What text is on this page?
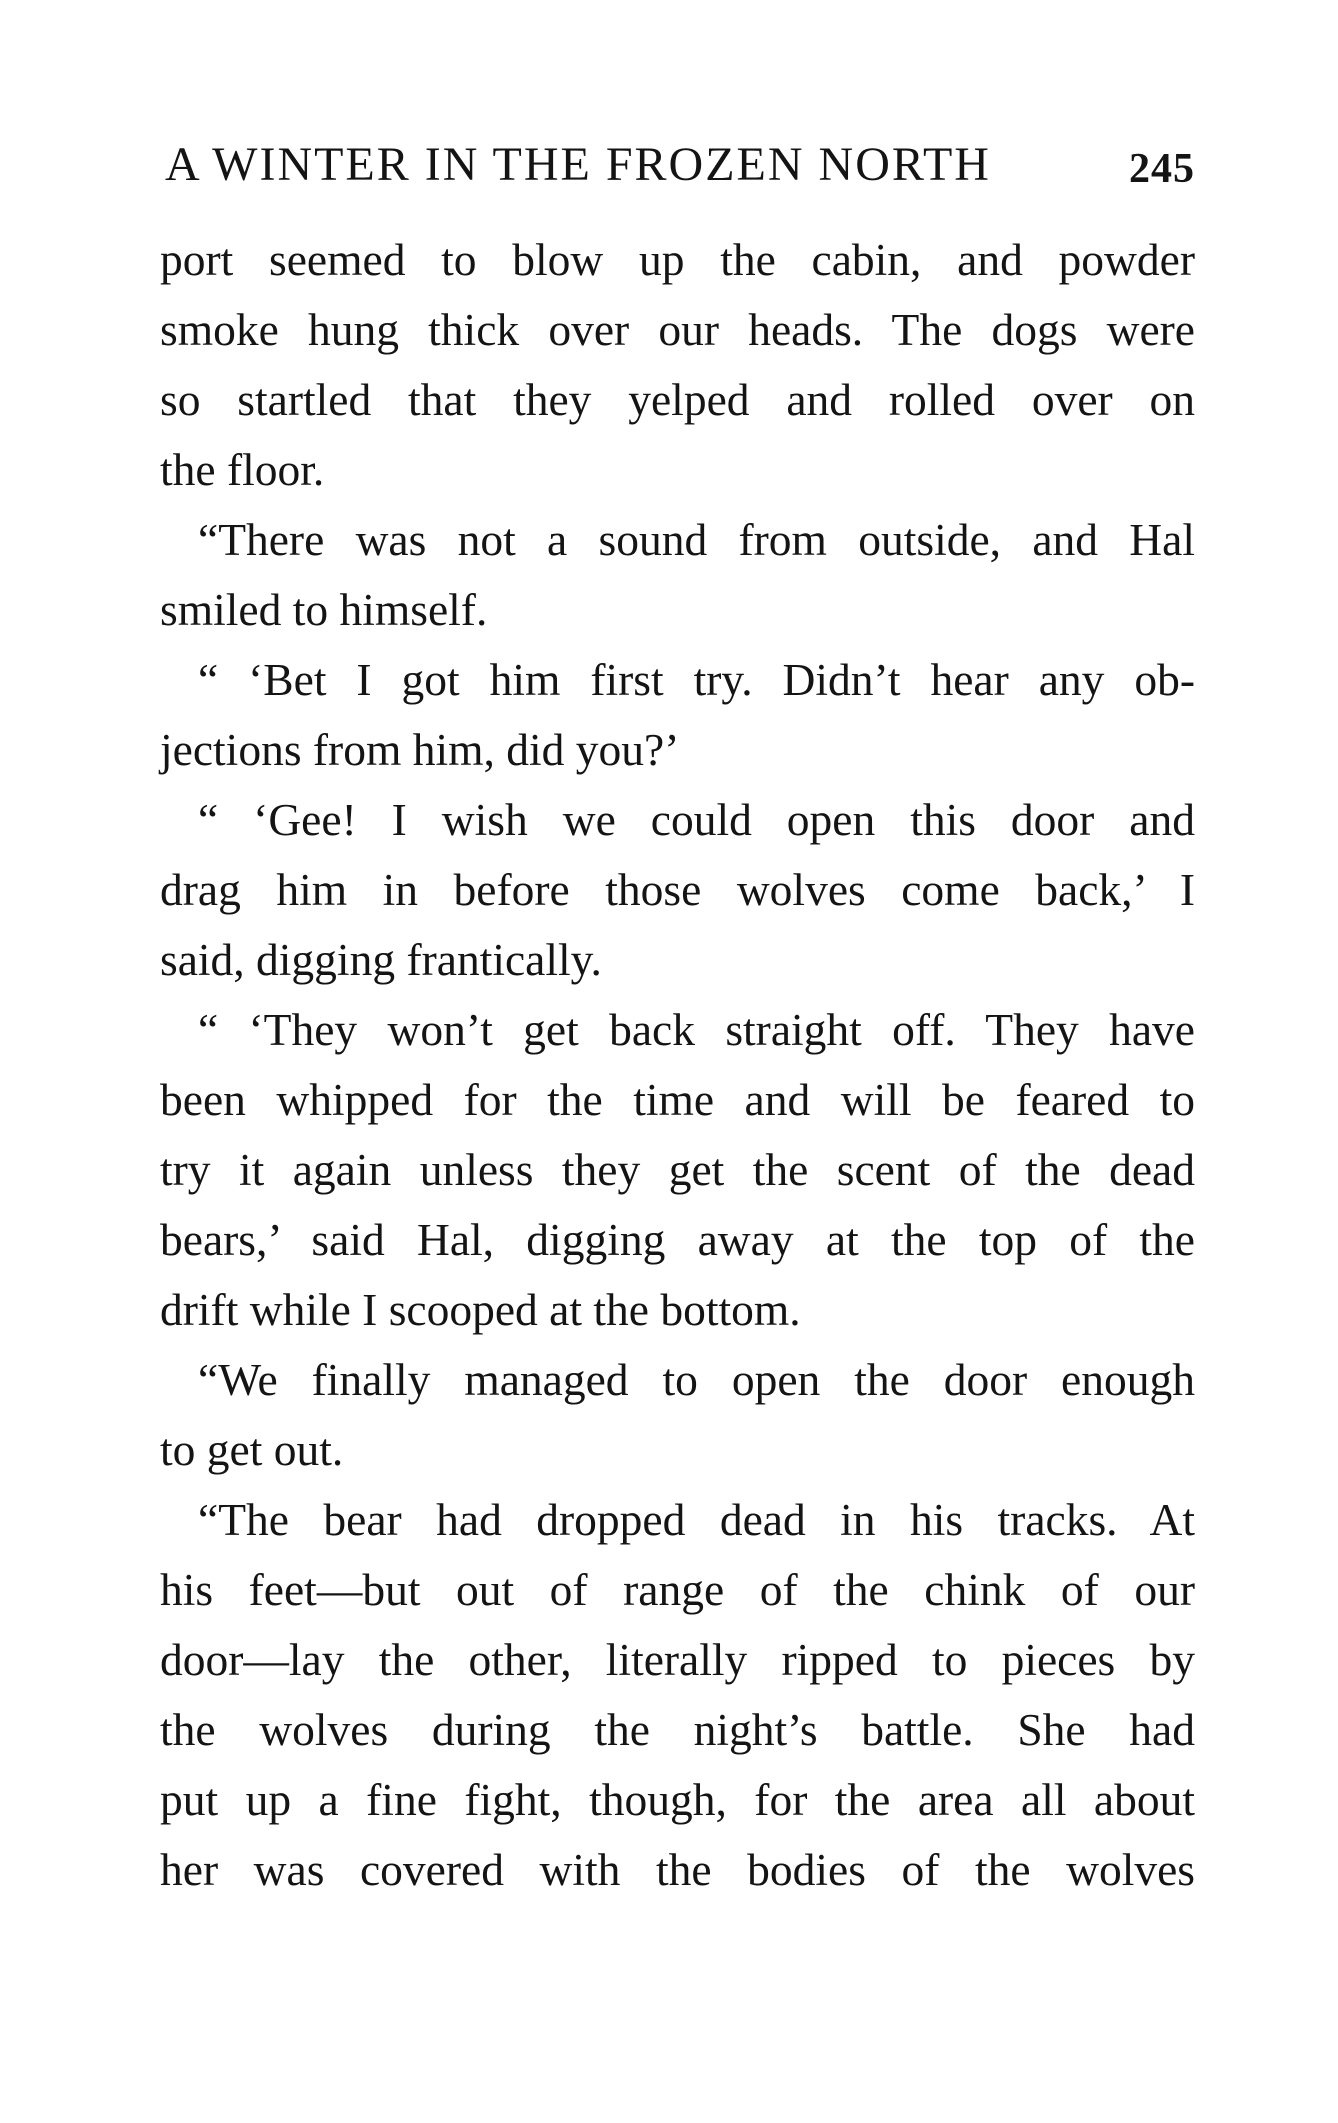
A WINTER IN THE FROZEN NORTH	245
port seemed to blow up the cabin, and powder
smoke hung thick over our heads. The dogs were
so startled that they yelped and rolled over on
the floor.
“There was not a sound from outside, and Hal
smiled to himself.
“ ‘Bet I got him first try. Didn’t hear any ob-
jections from him, did you?’
“ ‘Gee! I wish we could open this door and
drag him in before those wolves come back,’ I
said, digging frantically.
“ ‘They won’t get back straight off. They have
been whipped for the time and will be feared to
try it again unless they get the scent of the dead
bears,’ said Hal, digging away at the top of the
drift while I scooped at the bottom.
“We finally managed to open the door enough
to get out.
“The bear had dropped dead in his tracks. At
his feet—but out of range of the chink of our
door—lay the other, literally ripped to pieces by
the wolves during the night’s battle. She had
put up a fine fight, though, for the area all about
her was covered with the bodies of the wolves
